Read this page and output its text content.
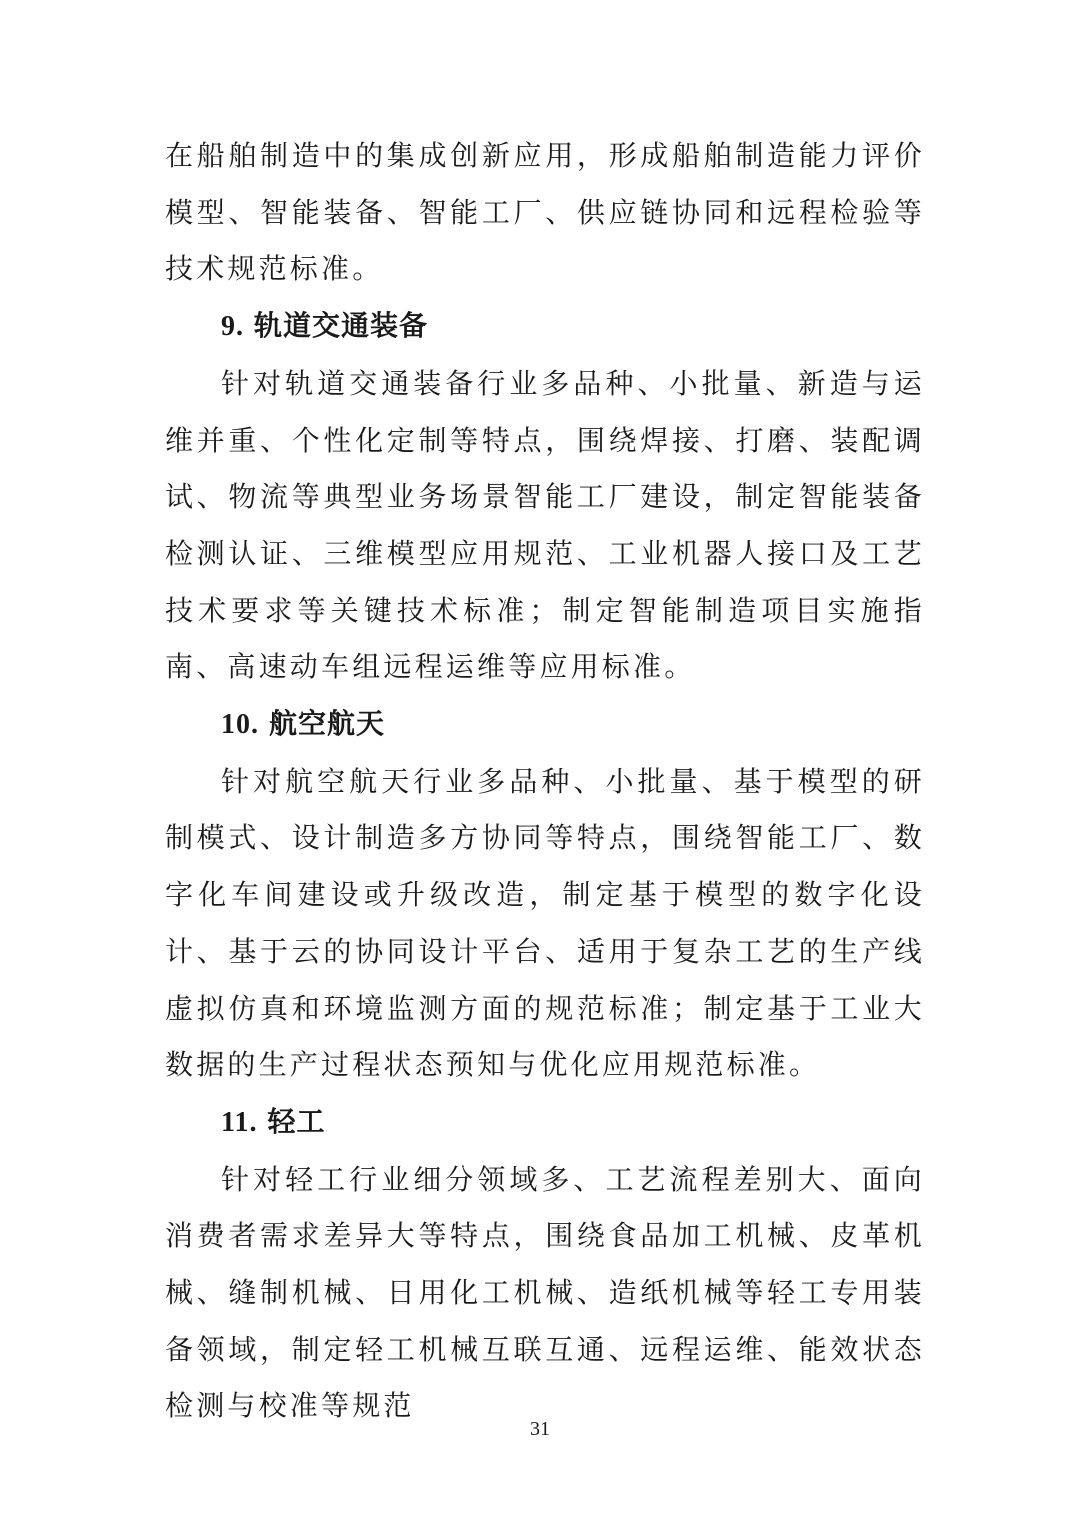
在船舶制造中的集成创新应用，形成船舶制造能力评价模型、智能装备、智能工厂、供应链协同和远程检验等技术规范标准。

9. 轨道交通装备

针对轨道交通装备行业多品种、小批量、新造与运维并重、个性化定制等特点，围绕焊接、打磨、装配调试、物流等典型业务场景智能工厂建设，制定智能装备检测认证、三维模型应用规范、工业机器人接口及工艺技术要求等关键技术标准；制定智能制造项目实施指南、高速动车组远程运维等应用标准。

10. 航空航天

针对航空航天行业多品种、小批量、基于模型的研制模式、设计制造多方协同等特点，围绕智能工厂、数字化车间建设或升级改造，制定基于模型的数字化设计、基于云的协同设计平台、适用于复杂工艺的生产线虚拟仿真和环境监测方面的规范标准；制定基于工业大数据的生产过程状态预知与优化应用规范标准。

11. 轻工

针对轻工行业细分领域多、工艺流程差别大、面向消费者需求差异大等特点，围绕食品加工机械、皮革机械、缝制机械、日用化工机械、造纸机械等轻工专用装备领域，制定轻工机械互联互通、远程运维、能效状态检测与校准等规范

31
